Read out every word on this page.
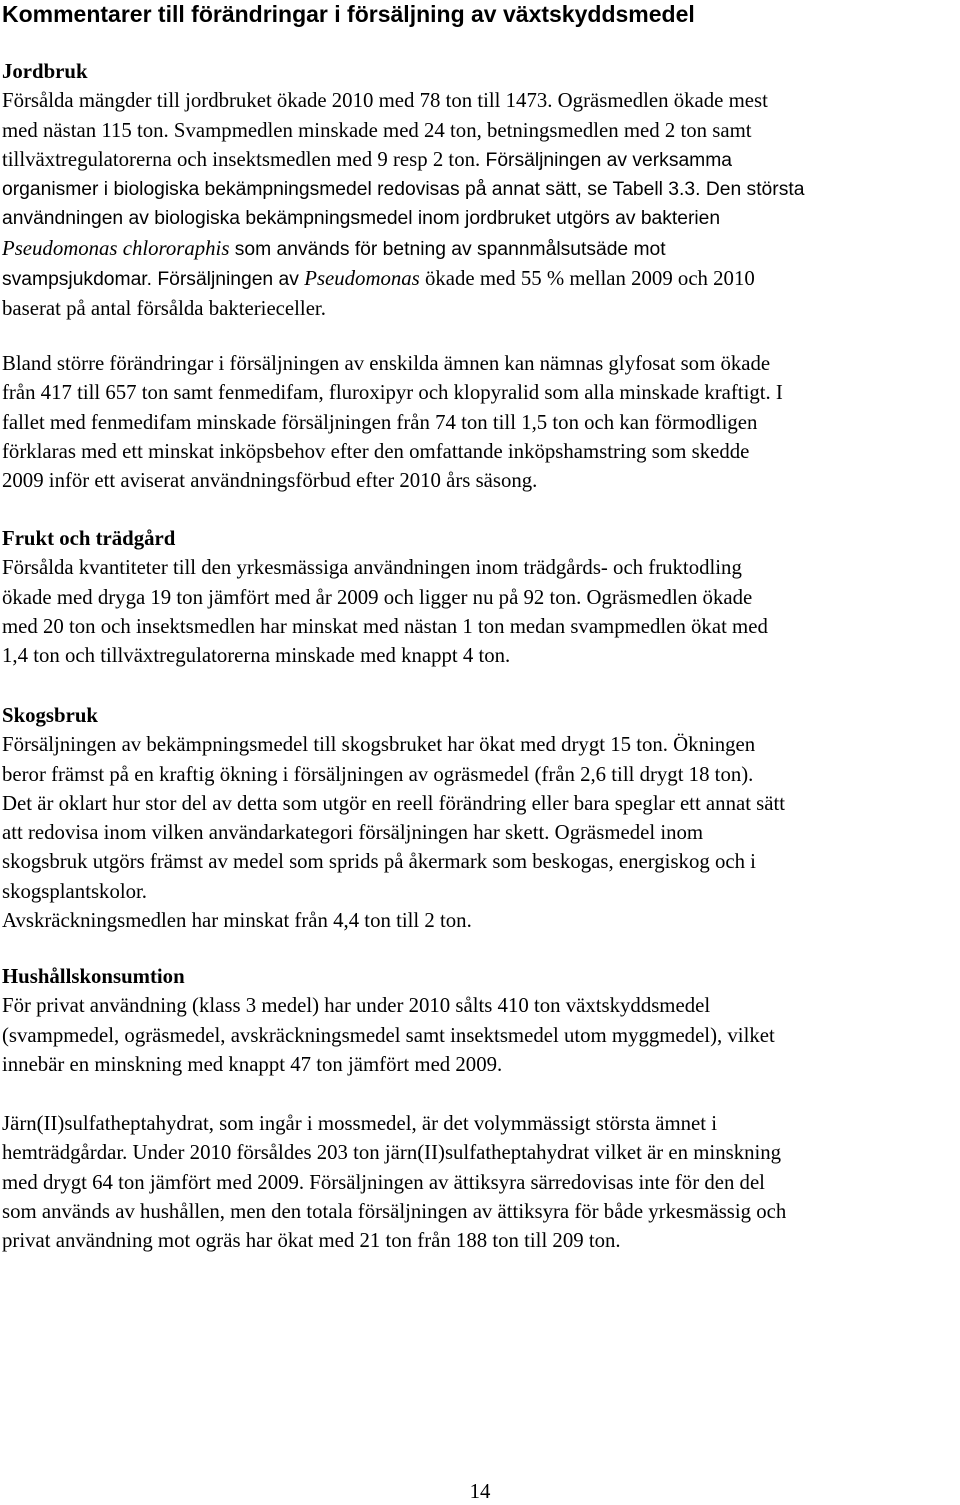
Kommentarer till förändringar i försäljning av växtskyddsmedel
Jordbruk
Försålda mängder till jordbruket ökade 2010 med 78 ton till 1473. Ogräsmedlen ökade mest
med nästan 115 ton. Svampmedlen minskade med 24 ton, betningsmedlen med 2 ton samt
tillväxtregulatorerna och insektsmedlen med 9 resp 2 ton. Försäljningen av verksamma
organismer i biologiska bekämpningsmedel redovisas på annat sätt, se Tabell 3.3. Den största
användningen av biologiska bekämpningsmedel inom jordbruket utgörs av bakterien
Pseudomonas chlororaphis som används för betning av spannmålsutsäde mot
svampsjukdomar. Försäljningen av Pseudomonas ökade med 55 % mellan 2009 och 2010
baserat på antal försålda bakterieceller.
Bland större förändringar i försäljningen av enskilda ämnen kan nämnas glyfosat som ökade
från 417 till 657 ton samt fenmedifam, fluroxipyr och klopyralid som alla minskade kraftigt. I
fallet med fenmedifam minskade försäljningen från 74 ton till 1,5 ton och kan förmodligen
förklaras med ett minskat inköpsbehov efter den omfattande inköpshamstring som skedde
2009 inför ett aviserat användningsförbud efter 2010 års säsong.
Frukt och trädgård
Försålda kvantiteter till den yrkesmässiga användningen inom trädgårds- och fruktodling
ökade med dryga 19 ton jämfört med år 2009 och ligger nu på 92 ton. Ogräsmedlen ökade
med 20 ton och insektsmedlen har minskat med nästan 1 ton medan svampmedlen ökat med
1,4 ton och tillväxtregulatorerna minskade med knappt 4 ton.
Skogsbruk
Försäljningen av bekämpningsmedel till skogsbruket har ökat med drygt 15 ton. Ökningen
beror främst på en kraftig ökning i försäljningen av ogräsmedel (från 2,6 till drygt 18 ton).
Det är oklart hur stor del av detta som utgör en reell förändring eller bara speglar ett annat sätt
att redovisa inom vilken användarkategori försäljningen har skett. Ogräsmedel inom
skogsbruk utgörs främst av medel som sprids på åkermark som beskogas, energiskog och i
skogsplantskolor.
Avskräckningsmedlen har minskat från 4,4 ton till 2 ton.
Hushållskonsumtion
För privat användning (klass 3 medel) har under 2010 sålts 410 ton växtskyddsmedel
(svampmedel, ogräsmedel, avskräckningsmedel samt insektsmedel utom myggmedel), vilket
innebär en minskning med knappt 47 ton jämfört med 2009.
Järn(II)sulfatheptahydrat, som ingår i mossmedel, är det volymmässigt största ämnet i
hemträdgårdar. Under 2010 försåldes 203 ton järn(II)sulfatheptahydrat vilket är en minskning
med drygt 64 ton jämfört med 2009. Försäljningen av ättiksyra särredovisas inte för den del
som används av hushållen, men den totala försäljningen av ättiksyra för både yrkesmässig och
privat användning mot ogräs har ökat med 21 ton från 188 ton till 209 ton.
14
